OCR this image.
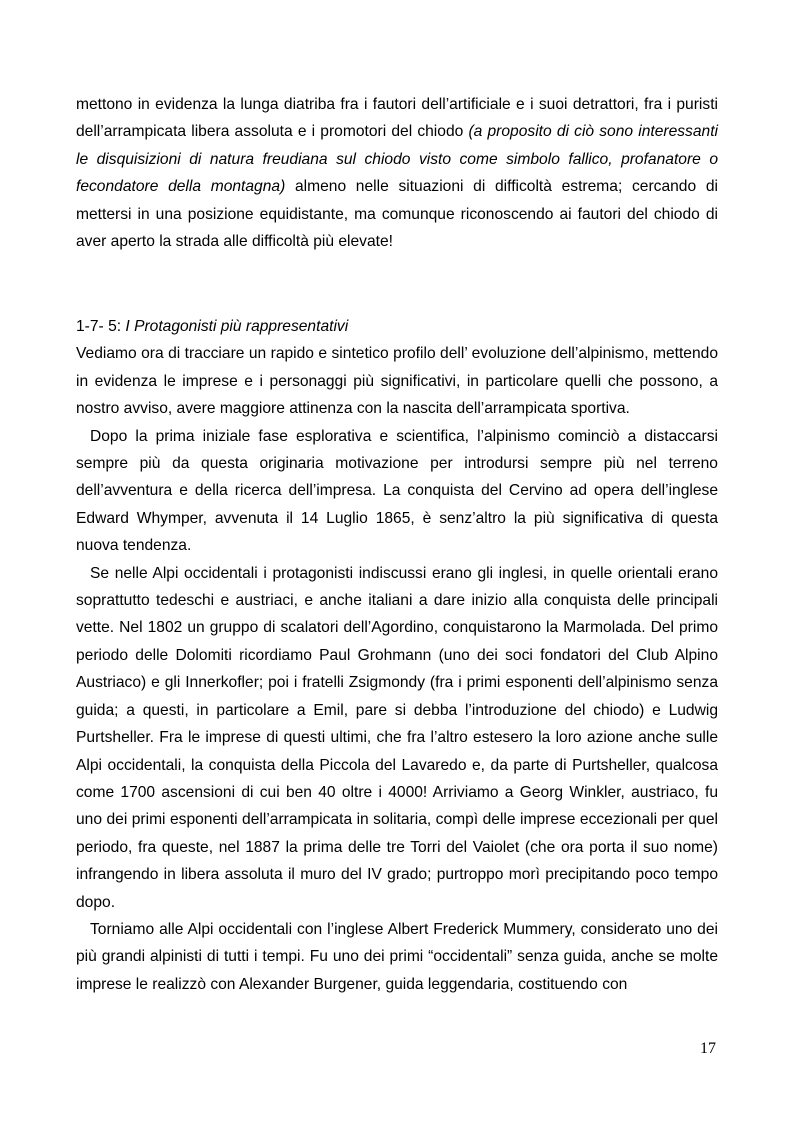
mettono in evidenza la lunga diatriba fra i fautori dell’artificiale e i suoi detrattori, fra i puristi dell’arrampicata libera assoluta e i promotori del chiodo (a proposito di ciò sono interessanti le disquisizioni di natura freudiana sul chiodo visto come simbolo fallico, profanatore o fecondatore della montagna) almeno nelle situazioni di difficoltà estrema; cercando di mettersi in una posizione equidistante, ma comunque riconoscendo ai fautori del chiodo di aver aperto la strada alle difficoltà più elevate!

1-7- 5: I Protagonisti più rappresentativi

Vediamo ora di tracciare un rapido e sintetico profilo dell’ evoluzione dell’alpinismo, mettendo in evidenza le imprese e i personaggi più significativi, in particolare quelli che possono, a nostro avviso, avere maggiore attinenza con la nascita dell’arrampicata sportiva.

Dopo la prima iniziale fase esplorativa e scientifica, l’alpinismo cominciò a distaccarsi sempre più da questa originaria motivazione per introdursi sempre più nel terreno dell’avventura e della ricerca dell’impresa. La conquista del Cervino ad opera dell’inglese Edward Whymper, avvenuta il 14 Luglio 1865, è senz’altro la più significativa di questa nuova tendenza.

Se nelle Alpi occidentali i protagonisti indiscussi erano gli inglesi, in quelle orientali erano soprattutto tedeschi e austriaci, e anche italiani a dare inizio alla conquista delle principali vette. Nel 1802 un gruppo di scalatori dell’Agordino, conquistarono la Marmolada. Del primo periodo delle Dolomiti ricordiamo Paul Grohmann (uno dei soci fondatori del Club Alpino Austriaco) e gli Innerkofler; poi i fratelli Zsigmondy (fra i primi esponenti dell’alpinismo senza guida; a questi, in particolare a Emil, pare si debba l’introduzione del chiodo) e Ludwig Purtsheller. Fra le imprese di questi ultimi, che fra l’altro estesero la loro azione anche sulle Alpi occidentali, la conquista della Piccola del Lavaredo e, da parte di Purtsheller, qualcosa come 1700 ascensioni di cui ben 40 oltre i 4000! Arriviamo a Georg Winkler, austriaco, fu uno dei primi esponenti dell’arrampicata in solitaria, compì delle imprese eccezionali per quel periodo, fra queste, nel 1887 la prima delle tre Torri del Vaiolet (che ora porta il suo nome) infrangendo in libera assoluta il muro del IV grado; purtroppo morì precipitando poco tempo dopo.

Torniamo alle Alpi occidentali con l’inglese Albert Frederick Mummery, considerato uno dei più grandi alpinisti di tutti i tempi. Fu uno dei primi “occidentali” senza guida, anche se molte imprese le realizzò con Alexander Burgener, guida leggendaria, costituendo con

17
